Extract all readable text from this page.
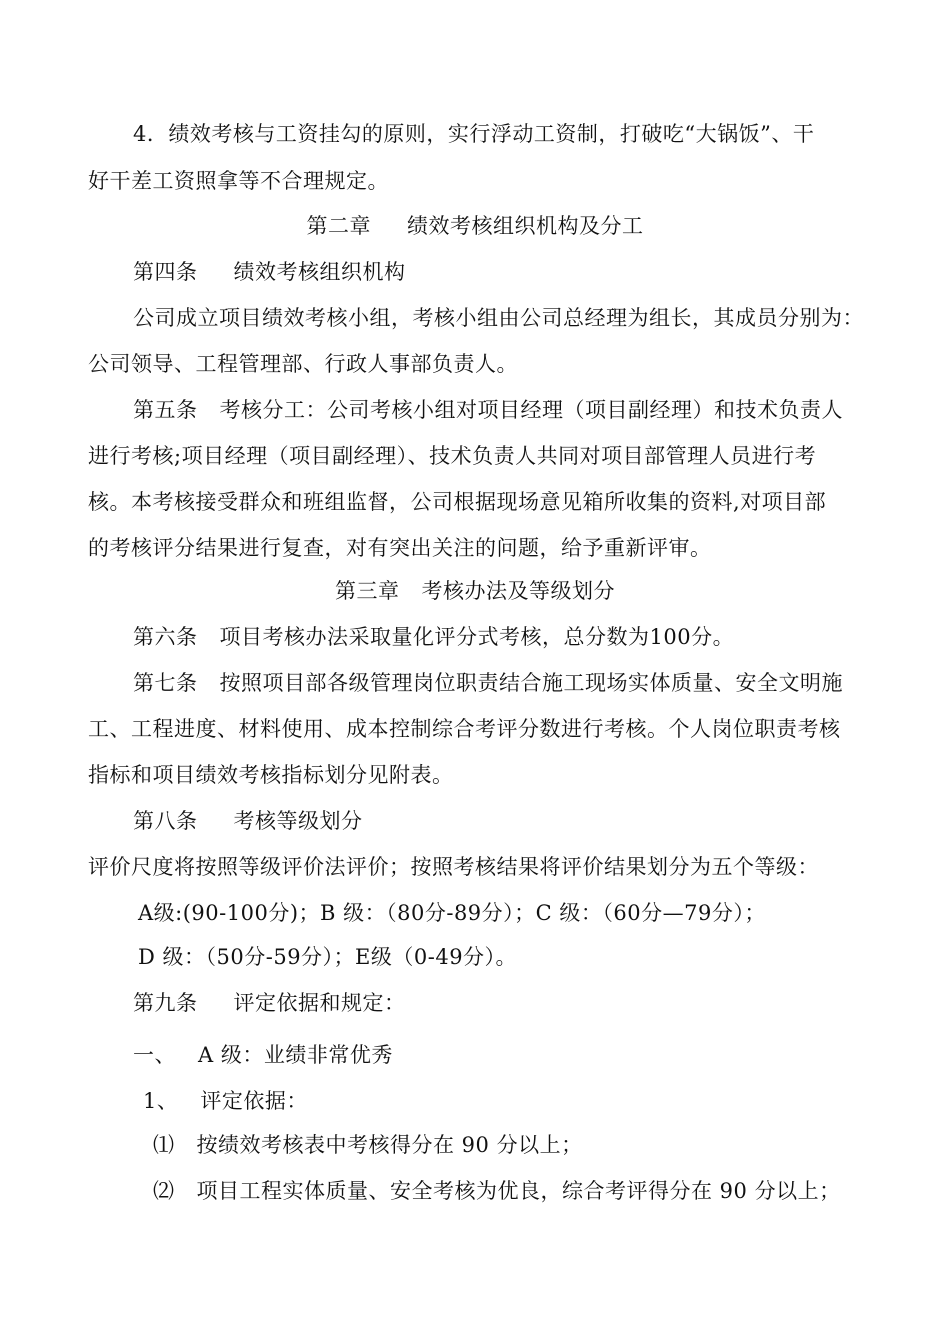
4．绩效考核与工资挂勾的原则，实行浮动工资制，打破吃“大锅饭”、干
好干差工资照拿等不合理规定。
第二章 绩效考核组织机构及分工
第四条 绩效考核组织机构
公司成立项目绩效考核小组，考核小组由公司总经理为组长，其成员分别为：
公司领导、工程管理部、行政人事部负责人。
第五条 考核分工：公司考核小组对项目经理（项目副经理）和技术负责人
进行考核;项目经理（项目副经理）、技术负责人共同对项目部管理人员进行考
核。本考核接受群众和班组监督，公司根据现场意见箱所收集的资料,对项目部
的考核评分结果进行复查，对有突出关注的问题，给予重新评审。
第三章 考核办法及等级划分
第六条 项目考核办法采取量化评分式考核，总分数为100分。
第七条 按照项目部各级管理岗位职责结合施工现场实体质量、安全文明施
工、工程进度、材料使用、成本控制综合考评分数进行考核。个人岗位职责考核
指标和项目绩效考核指标划分见附表。
第八条 考核等级划分
评价尺度将按照等级评价法评价；按照考核结果将评价结果划分为五个等级：
A级:(90-100分)；B 级：（80分-89分）；C 级：（60分—79分）；
D 级：（50分-59分）；E级（0-49分）。
第九条 评定依据和规定：
一、 A 级：业绩非常优秀
1、 评定依据：
⑴ 按绩效考核表中考核得分在 90 分以上；
⑵ 项目工程实体质量、安全考核为优良，综合考评得分在 90 分以上；
